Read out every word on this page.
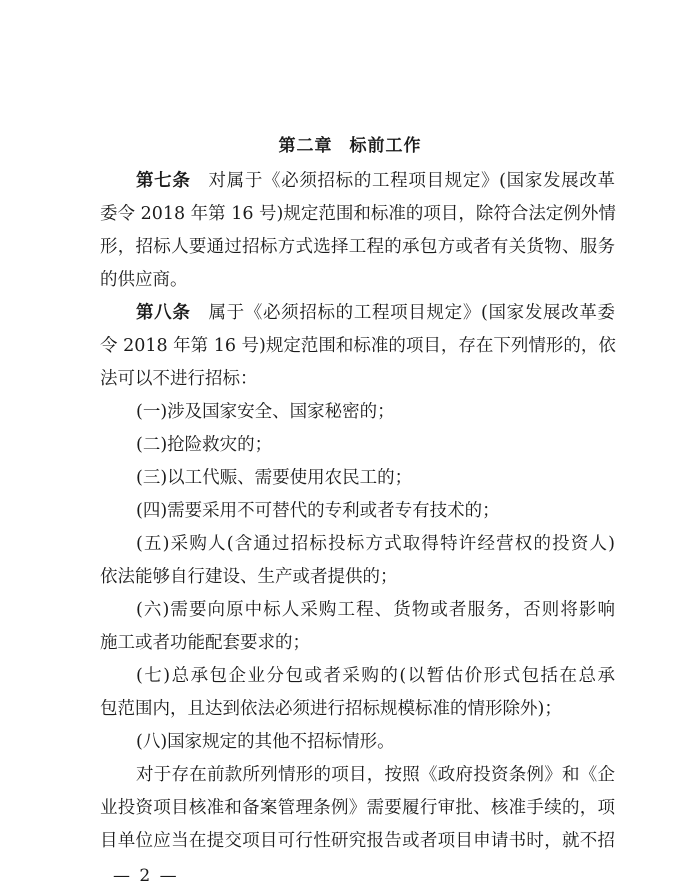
第二章 标前工作
第七条 对属于《必须招标的工程项目规定》(国家发展改革
委令 2018 年第 16 号)规定范围和标准的项目，除符合法定例外情
形，招标人要通过招标方式选择工程的承包方或者有关货物、服务
的供应商。
第八条 属于《必须招标的工程项目规定》(国家发展改革委
令 2018 年第 16 号)规定范围和标准的项目，存在下列情形的，依
法可以不进行招标：
(一)涉及国家安全、国家秘密的；
(二)抢险救灾的；
(三)以工代赈、需要使用农民工的；
(四)需要采用不可替代的专利或者专有技术的；
(五)采购人(含通过招标投标方式取得特许经营权的投资人)
依法能够自行建设、生产或者提供的；
(六)需要向原中标人采购工程、货物或者服务，否则将影响
施工或者功能配套要求的；
(七)总承包企业分包或者采购的(以暂估价形式包括在总承
包范围内，且达到依法必须进行招标规模标准的情形除外)；
(八)国家规定的其他不招标情形。
对于存在前款所列情形的项目，按照《政府投资条例》和《企
业投资项目核准和备案管理条例》需要履行审批、核准手续的，项
目单位应当在提交项目可行性研究报告或者项目申请书时，就不招
— 2 —
